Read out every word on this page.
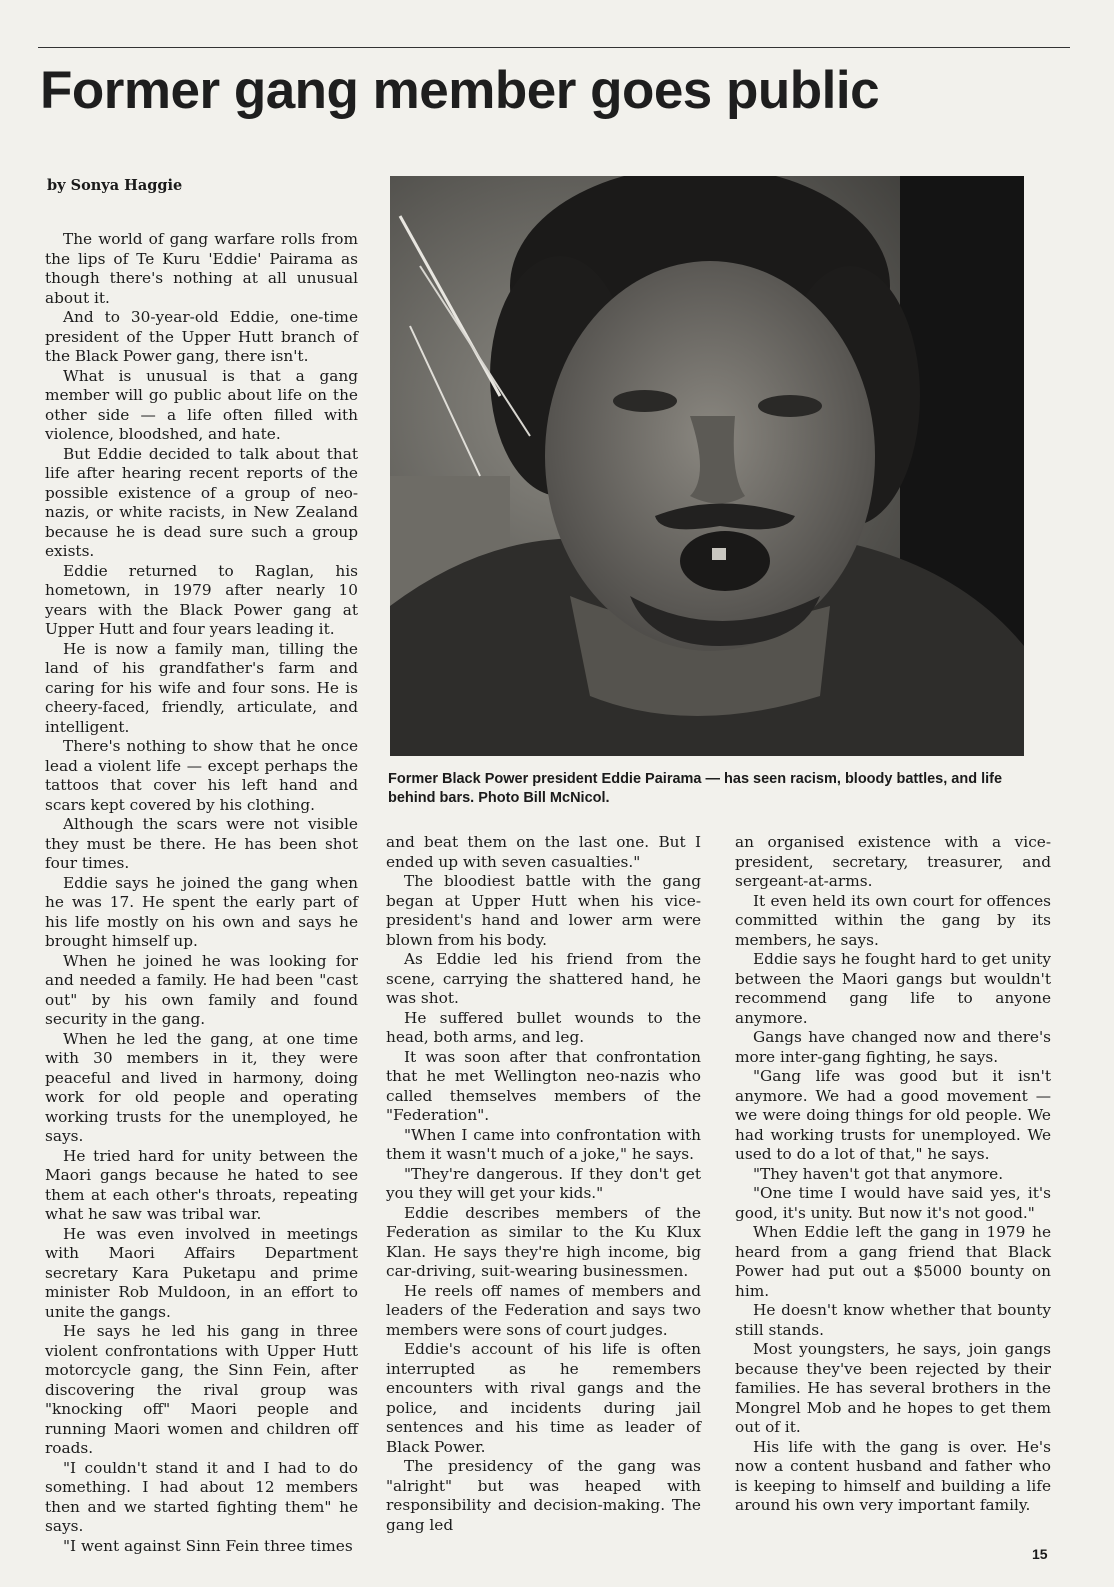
Former gang member goes public
by Sonya Haggie

The world of gang warfare rolls from the lips of Te Kuru 'Eddie' Pairama as though there's nothing at all unusual about it.

And to 30-year-old Eddie, one-time president of the Upper Hutt branch of the Black Power gang, there isn't.

What is unusual is that a gang member will go public about life on the other side — a life often filled with violence, bloodshed, and hate.

But Eddie decided to talk about that life after hearing recent reports of the possible existence of a group of neo-nazis, or white racists, in New Zealand because he is dead sure such a group exists.

Eddie returned to Raglan, his hometown, in 1979 after nearly 10 years with the Black Power gang at Upper Hutt and four years leading it.

He is now a family man, tilling the land of his grandfather's farm and caring for his wife and four sons. He is cheery-faced, friendly, articulate, and intelligent.

There's nothing to show that he once lead a violent life — except perhaps the tattoos that cover his left hand and scars kept covered by his clothing.

Although the scars were not visible they must be there. He has been shot four times.

Eddie says he joined the gang when he was 17. He spent the early part of his life mostly on his own and says he brought himself up.

When he joined he was looking for and needed a family. He had been "cast out" by his own family and found security in the gang.

When he led the gang, at one time with 30 members in it, they were peaceful and lived in harmony, doing work for old people and operating working trusts for the unemployed, he says.

He tried hard for unity between the Maori gangs because he hated to see them at each other's throats, repeating what he saw was tribal war.

He was even involved in meetings with Maori Affairs Department secretary Kara Puketapu and prime minister Rob Muldoon, in an effort to unite the gangs.

He says he led his gang in three violent confrontations with Upper Hutt motorcycle gang, the Sinn Fein, after discovering the rival group was "knocking off" Maori people and running Maori women and children off roads.

"I couldn't stand it and I had to do something. I had about 12 members then and we started fighting them" he says.

"I went against Sinn Fein three times

Former Black Power president Eddie Pairama — has seen racism, bloody battles, and life behind bars. Photo Bill McNicol.

and beat them on the last one. But I ended up with seven casualties."

The bloodiest battle with the gang began at Upper Hutt when his vice-president's hand and lower arm were blown from his body.

As Eddie led his friend from the scene, carrying the shattered hand, he was shot.

He suffered bullet wounds to the head, both arms, and leg.

It was soon after that confrontation that he met Wellington neo-nazis who called themselves members of the "Federation".

"When I came into confrontation with them it wasn't much of a joke," he says.

"They're dangerous. If they don't get you they will get your kids."

Eddie describes members of the Federation as similar to the Ku Klux Klan. He says they're high income, big car-driving, suit-wearing businessmen.

He reels off names of members and leaders of the Federation and says two members were sons of court judges.

Eddie's account of his life is often interrupted as he remembers encounters with rival gangs and the police, and incidents during jail sentences and his time as leader of Black Power.

The presidency of the gang was "alright" but was heaped with responsibility and decision-making. The gang led

an organised existence with a vice-president, secretary, treasurer, and sergeant-at-arms.

It even held its own court for offences committed within the gang by its members, he says.

Eddie says he fought hard to get unity between the Maori gangs but wouldn't recommend gang life to anyone anymore.

Gangs have changed now and there's more inter-gang fighting, he says.

"Gang life was good but it isn't anymore. We had a good movement — we were doing things for old people. We had working trusts for unemployed. We used to do a lot of that," he says.

"They haven't got that anymore.

"One time I would have said yes, it's good, it's unity. But now it's not good."

When Eddie left the gang in 1979 he heard from a gang friend that Black Power had put out a $5000 bounty on him.

He doesn't know whether that bounty still stands.

Most youngsters, he says, join gangs because they've been rejected by their families. He has several brothers in the Mongrel Mob and he hopes to get them out of it.

His life with the gang is over. He's now a content husband and father who is keeping to himself and building a life around his own very important family.

15
